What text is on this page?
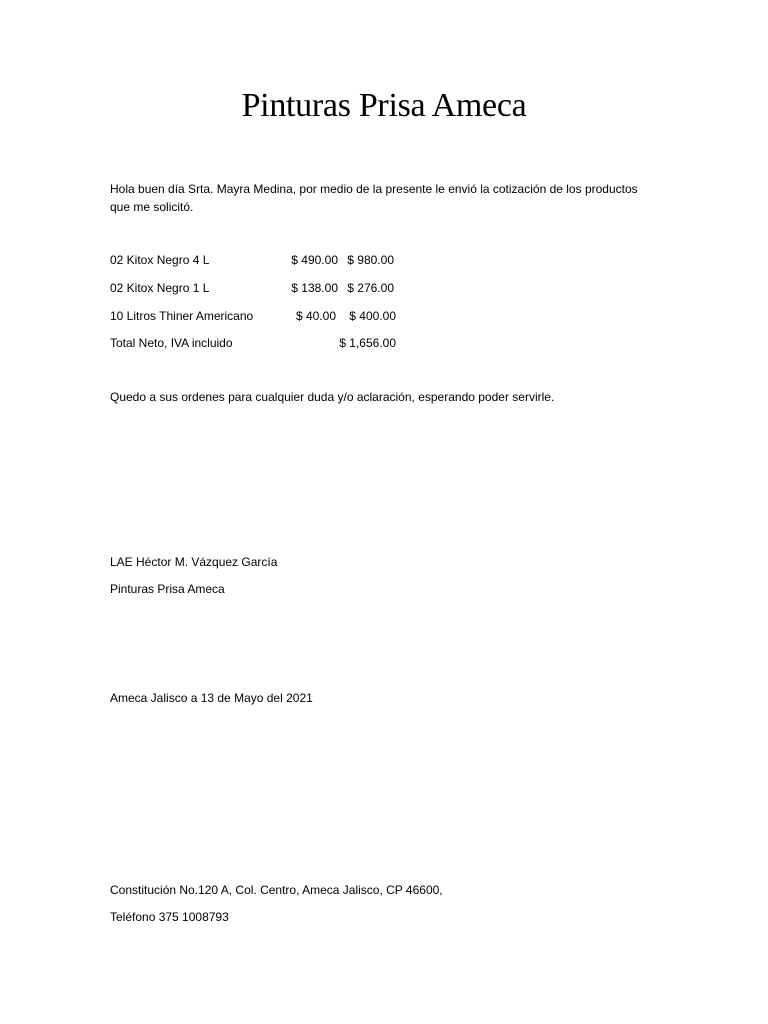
Pinturas Prisa Ameca
Hola buen día Srta. Mayra Medina, por medio de la presente le envió la cotización de los productos que me solicitó.
02 Kitox Negro 4 L	$ 490.00 $ 980.00
02 Kitox Negro 1 L	$ 138.00 $ 276.00
10 Litros Thiner Americano	$ 40.00	$ 400.00
Total Neto, IVA incluido	$ 1,656.00
Quedo a sus ordenes para cualquier duda y/o aclaración, esperando poder servirle.
LAE Héctor M. Vázquez García
Pinturas Prisa Ameca
Ameca Jalisco a 13 de Mayo del 2021
Constitución No.120 A, Col. Centro, Ameca Jalisco, CP 46600,
Teléfono 375 1008793
